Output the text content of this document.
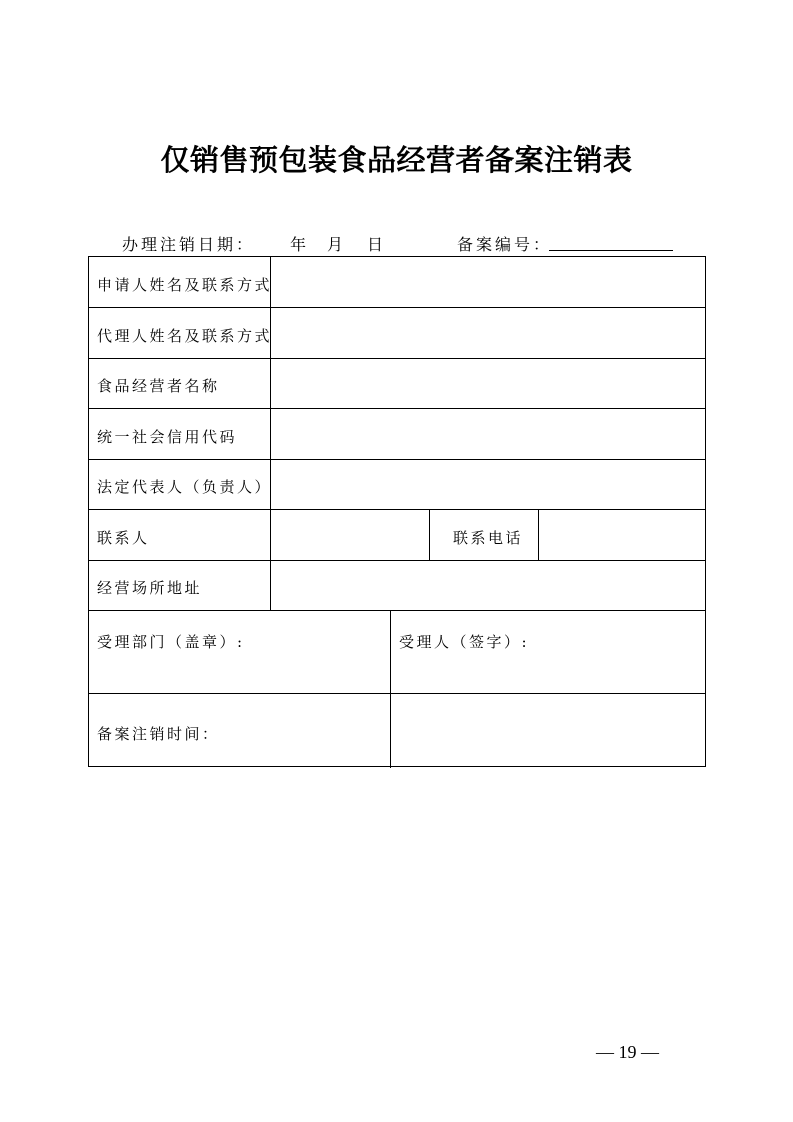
仅销售预包装食品经营者备案注销表
办理注销日期： 年 月 日	备案编号：
申请人姓名及联系方式
代理人姓名及联系方式
食品经营者名称
统一社会信用代码
法定代表人（负责人）
联系人	联系电话
经营场所地址
受理部门（盖章）:	受理人（签字）:
备案注销时间：
— 19 —
